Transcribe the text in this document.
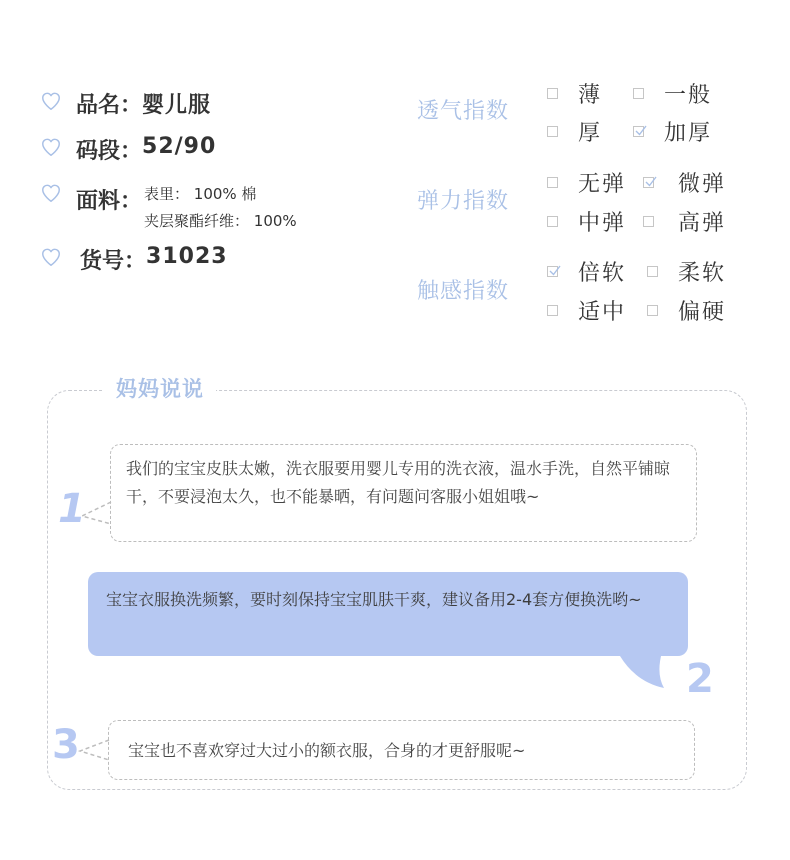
品名： 婴儿服
码段： 52/90
面料： 表里： 100% 棉
夹层聚酯纤维： 100%
货号： 31023
透气指数
薄	一般
厚	加厚
弹力指数
无弹 微弹
中弹 高弹
触感指数
倍软 柔软
适中 偏硬
妈妈说说
1
我们的宝宝皮肤太嫩，洗衣服要用婴儿专用的洗衣液，温水手洗，自然平铺晾干，不要浸泡太久，也不能暴晒，有问题问客服小姐姐哦~
宝宝衣服换洗频繁，要时刻保持宝宝肌肤干爽，建议备用2-4套方便换洗哟~
2
3	宝宝也不喜欢穿过大过小的额衣服，合身的才更舒服呢~
